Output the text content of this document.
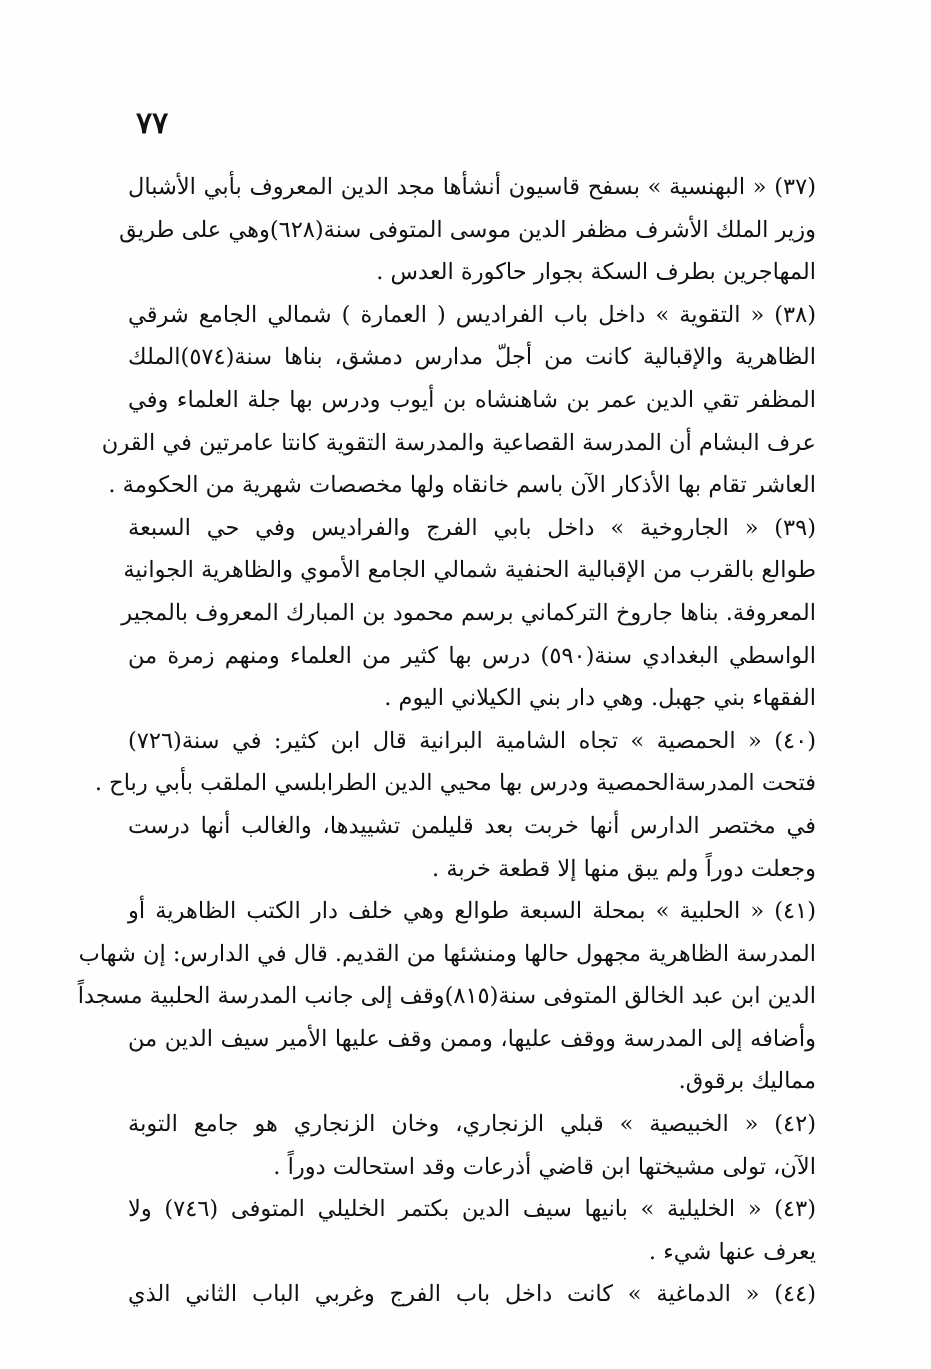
٧٧
(٣٧) « البهنسية » بسفح قاسيون أنشأها مجد الدين المعروف بأبي الأشبال
وزير الملك الأشرف مظفر الدين موسى المتوفى سنة(٦٢٨)وهي على طريق
المهاجرين بطرف السكة بجوار حاكورة العدس .
(٣٨) « التقوية » داخل باب الفراديس ( العمارة ) شمالي الجامع شرقي
الظاهرية والإقبالية كانت من أجلّ مدارس دمشق، بناها سنة(٥٧٤)الملك
المظفر تقي الدين عمر بن شاهنشاه بن أيوب ودرس بها جلة العلماء وفي
عرف البشام أن المدرسة القصاعية والمدرسة التقوية كانتا عامرتين في القرن
العاشر تقام بها الأذكار الآن باسم خانقاه ولها مخصصات شهرية من الحكومة .
(٣٩) « الجاروخية » داخل بابي الفرج والفراديس وفي حي السبعة
طوالع بالقرب من الإقبالية الحنفية شمالي الجامع الأموي والظاهرية الجوانية
المعروفة. بناها جاروخ التركماني برسم محمود بن المبارك المعروف بالمجير
الواسطي البغدادي سنة(٥٩٠) درس بها كثير من العلماء ومنهم زمرة من
الفقهاء بني جهبل. وهي دار بني الكيلاني اليوم .
(٤٠) « الحمصية » تجاه الشامية البرانية قال ابن كثير: في سنة(٧٢٦)
فتحت المدرسةالحمصية ودرس بها محيي الدين الطرابلسي الملقب بأبي رباح .
في مختصر الدارس أنها خربت بعد قليلمن تشييدها، والغالب أنها درست
وجعلت دوراً ولم يبق منها إلا قطعة خربة .
(٤١) « الحلبية » بمحلة السبعة طوالع وهي خلف دار الكتب الظاهرية أو
المدرسة الظاهرية مجهول حالها ومنشئها من القديم. قال في الدارس: إن شهاب
الدين ابن عبد الخالق المتوفى سنة(٨١٥)وقف إلى جانب المدرسة الحلبية مسجداً
وأضافه إلى المدرسة ووقف عليها، وممن وقف عليها الأمير سيف الدين من
مماليك برقوق.
(٤٢) « الخبيصية » قبلي الزنجاري، وخان الزنجاري هو جامع التوبة
الآن، تولى مشيختها ابن قاضي أذرعات وقد استحالت دوراً .
(٤٣) « الخليلية » بانيها سيف الدين بكتمر الخليلي المتوفى (٧٤٦) ولا
يعرف عنها شيء .
(٤٤) « الدماغية » كانت داخل باب الفرج وغربي الباب الثاني الذي
